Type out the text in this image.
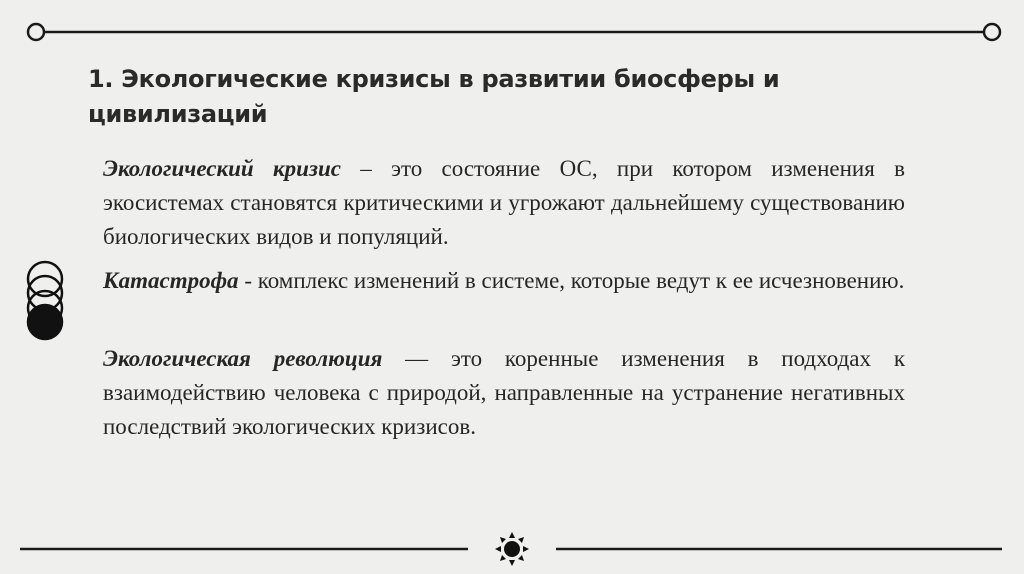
1. Экологические кризисы в развитии биосферы и цивилизаций
Экологический кризис – это состояние ОС, при котором изменения в экосистемах становятся критическими и угрожают дальнейшему существованию биологических видов и популяций.
Катастрофа - комплекс изменений в системе, которые ведут к ее исчезновению.
Экологическая революция — это коренные изменения в подходах к взаимодействию человека с природой, направленные на устранение негативных последствий экологических кризисов.
